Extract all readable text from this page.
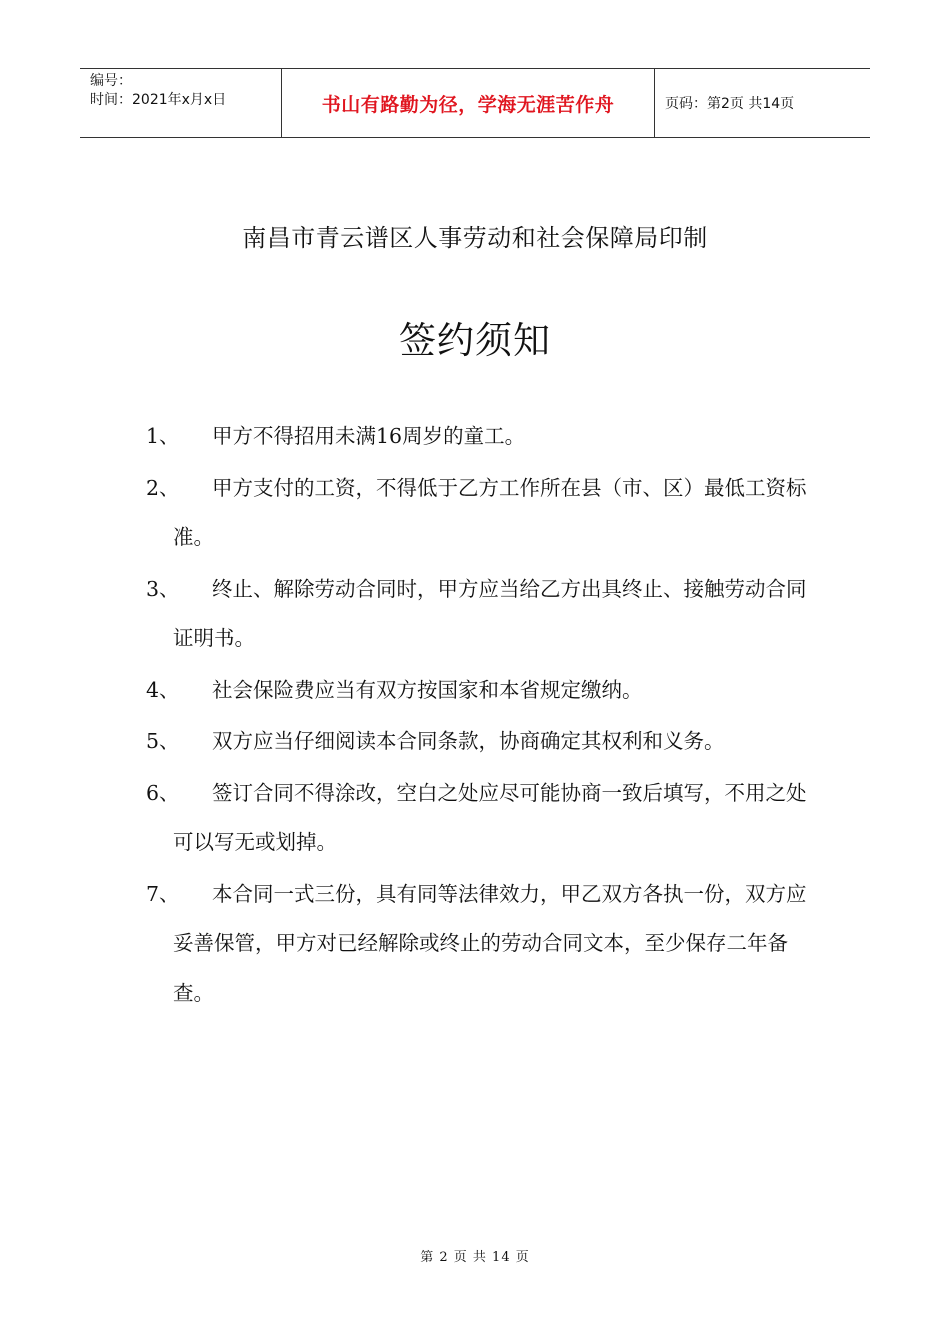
编号：
时间：2021年x月x日	书山有路勤为径，学海无涯苦作舟	页码：第2页 共14页
南昌市青云谱区人事劳动和社会保障局印制
签约须知
1、	甲方不得招用未满16周岁的童工。
2、	甲方支付的工资，不得低于乙方工作所在县（市、区）最低工资标准。
3、	终止、解除劳动合同时，甲方应当给乙方出具终止、接触劳动合同证明书。
4、	社会保险费应当有双方按国家和本省规定缴纳。
5、	双方应当仔细阅读本合同条款，协商确定其权利和义务。
6、	签订合同不得涂改，空白之处应尽可能协商一致后填写，不用之处可以写无或划掉。
7、	本合同一式三份，具有同等法律效力，甲乙双方各执一份，双方应妥善保管，甲方对已经解除或终止的劳动合同文本，至少保存二年备查。
第 2 页 共 14 页
